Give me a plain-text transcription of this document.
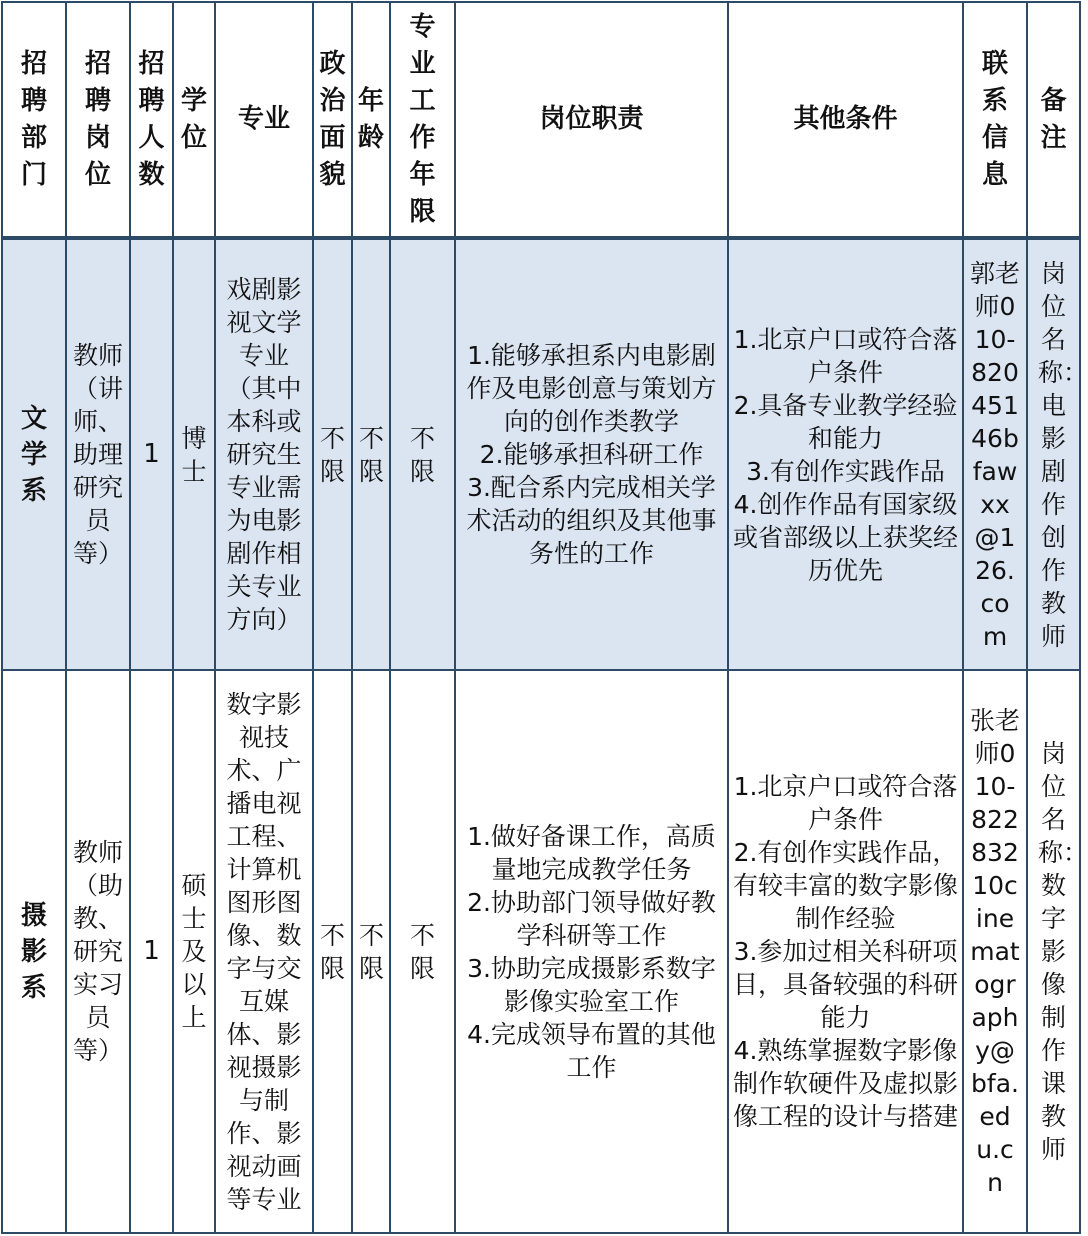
招聘部门	招聘岗位	招聘人数	学位	专业	政治面貌	年龄	专业工作年限	岗位职责	其他条件	联系信息	备注
文学系	教师（讲师、助理研究员等）	1	博士	戏剧影视文学专业（其中本科或研究生专业需为电影剧作相关专业方向）	不限	不限	不限	1.能够承担系内电影剧作及电影创意与策划方向的创作类教学
2.能够承担科研工作
3.配合系内完成相关学术活动的组织及其他事务性的工作	1.北京户口或符合落户条件
2.具备专业教学经验和能力
3.有创作实践作品
4.创作作品有国家级或省部级以上获奖经历优先	郭老师010-82045146bfawxx@126.com	岗位名称：电影剧作创作教师
摄影系	教师（助教、研究实习员等）	1	硕士及以上	数字影视技术、广播电视工程、计算机图形图像、数字与交互媒体、影视摄影与制作、影视动画等专业	不限	不限	不限	1.做好备课工作，高质量地完成教学任务
2.协助部门领导做好教学科研等工作
3.协助完成摄影系数字影像实验室工作
4.完成领导布置的其他工作	1.北京户口或符合落户条件
2.有创作实践作品，有较丰富的数字影像制作经验
3.参加过相关科研项目，具备较强的科研能力
4.熟练掌握数字影像制作软硬件及虚拟影像工程的设计与搭建	张老师010-82283210cinematography@bfa.edu.cn	岗位名称：数字影像制作课教师
